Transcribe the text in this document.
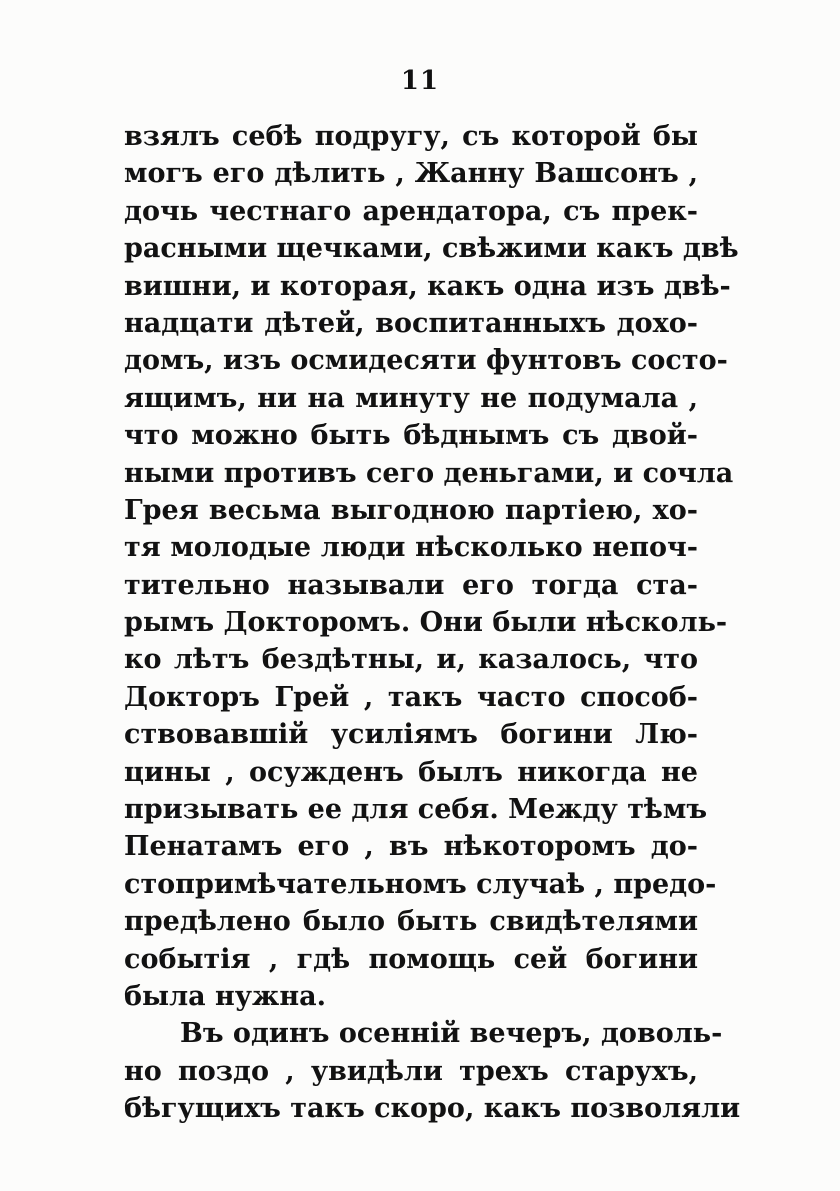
11
взялъ себѣ подругу, съ которой бы
могъ его дѣлить , Жанну Вашсонъ ,
дочь честнаго арендатора, съ прек-
расными щечками, свѣжими какъ двѣ
вишни, и которая, какъ одна изъ двѣ-
надцати дѣтей, воспитанныхъ дохо-
домъ, изъ осмидесяти фунтовъ состо-
ящимъ, ни на минуту не подумала ,
что можно быть бѣднымъ съ двой-
ными противъ сего деньгами, и сочла
Грея весьма выгодною партіею, хо-
тя молодые люди нѣсколько непоч-
тительно называли его тогда ста-
рымъ Докторомъ. Они были нѣсколь-
ко лѣтъ бездѣтны, и, казалось, что
Докторъ Грей , такъ часто способ-
ствовавшій усиліямъ богини Лю-
цины , осужденъ былъ никогда не
призывать ее для себя. Между тѣмъ
Пенатамъ его , въ нѣкоторомъ до-
стопримѣчательномъ случаѣ , предо-
предѣлено было быть свидѣтелями
событія , гдѣ помощь сей богини
была нужна.
Въ одинъ осеннiй вечеръ, доволь-
но поздо , увидѣли трехъ старухъ,
бѣгущихъ такъ скоро, какъ позволяли
